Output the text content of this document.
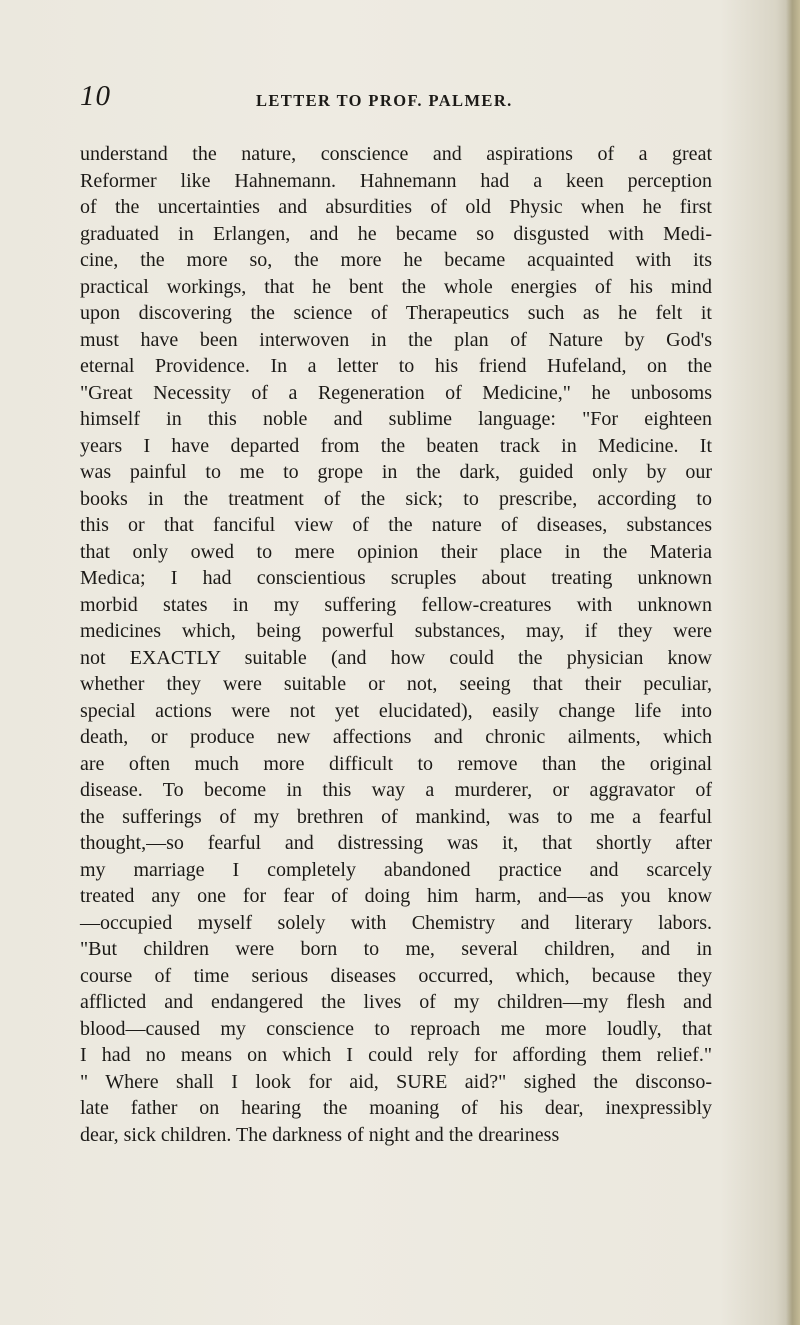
10	LETTER TO PROF. PALMER.
understand the nature, conscience and aspirations of a great
Reformer like Hahnemann. Hahnemann had a keen perception
of the uncertainties and absurdities of old Physic when he first
graduated in Erlangen, and he became so disgusted with Medi-
cine, the more so, the more he became acquainted with its
practical workings, that he bent the whole energies of his mind
upon discovering the science of Therapeutics such as he felt it
must have been interwoven in the plan of Nature by God's
eternal Providence. In a letter to his friend Hufeland, on the
"Great Necessity of a Regeneration of Medicine," he unbosoms
himself in this noble and sublime language: "For eighteen
years I have departed from the beaten track in Medicine. It
was painful to me to grope in the dark, guided only by our
books in the treatment of the sick; to prescribe, according to
this or that fanciful view of the nature of diseases, substances
that only owed to mere opinion their place in the Materia
Medica; I had conscientious scruples about treating unknown
morbid states in my suffering fellow-creatures with unknown
medicines which, being powerful substances, may, if they were
not EXACTLY suitable (and how could the physician know
whether they were suitable or not, seeing that their peculiar,
special actions were not yet elucidated), easily change life into
death, or produce new affections and chronic ailments, which
are often much more difficult to remove than the original
disease. To become in this way a murderer, or aggravator of
the sufferings of my brethren of mankind, was to me a fearful
thought,—so fearful and distressing was it, that shortly after
my marriage I completely abandoned practice and scarcely
treated any one for fear of doing him harm, and—as you know
—occupied myself solely with Chemistry and literary labors.
"But children were born to me, several children, and in
course of time serious diseases occurred, which, because they
afflicted and endangered the lives of my children—my flesh and
blood—caused my conscience to reproach me more loudly, that
I had no means on which I could rely for affording them relief."
" Where shall I look for aid, SURE aid?" sighed the disconso-
late father on hearing the moaning of his dear, inexpressibly
dear, sick children. The darkness of night and the dreariness
